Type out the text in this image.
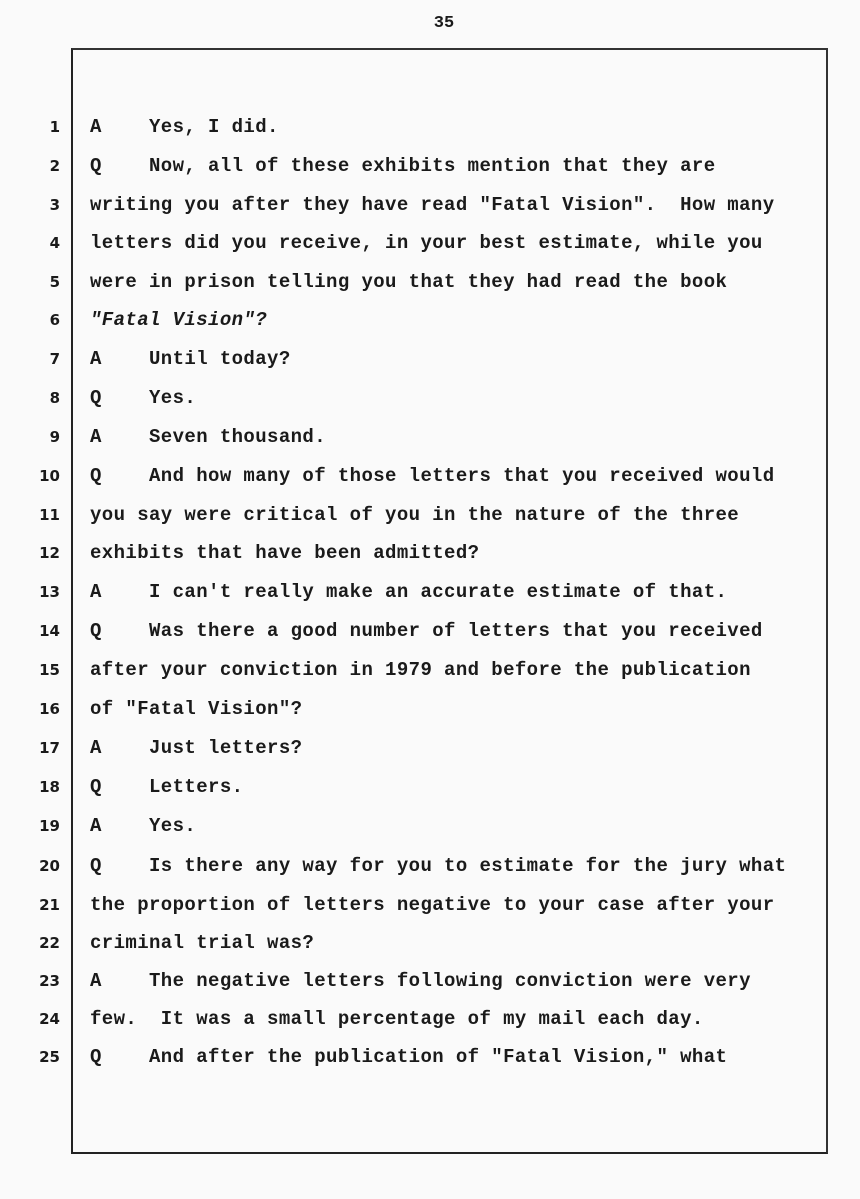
35
1 A    Yes, I did.
2 Q    Now, all of these exhibits mention that they are
3 writing you after they have read "Fatal Vision".  How many
4 letters did you receive, in your best estimate, while you
5 were in prison telling you that they had read the book
6 "Fatal Vision"?
7 A    Until today?
8 Q    Yes.
9 A    Seven thousand.
10 Q    And how many of those letters that you received would
11 you say were critical of you in the nature of the three
12 exhibits that have been admitted?
13 A    I can't really make an accurate estimate of that.
14 Q    Was there a good number of letters that you received
15 after your conviction in 1979 and before the publication
16 of "Fatal Vision"?
17 A    Just letters?
18 Q    Letters.
19 A    Yes.
20 Q    Is there any way for you to estimate for the jury what
21 the proportion of letters negative to your case after your
22 criminal trial was?
23 A    The negative letters following conviction were very
24 few.  It was a small percentage of my mail each day.
25 Q    And after the publication of "Fatal Vision," what
